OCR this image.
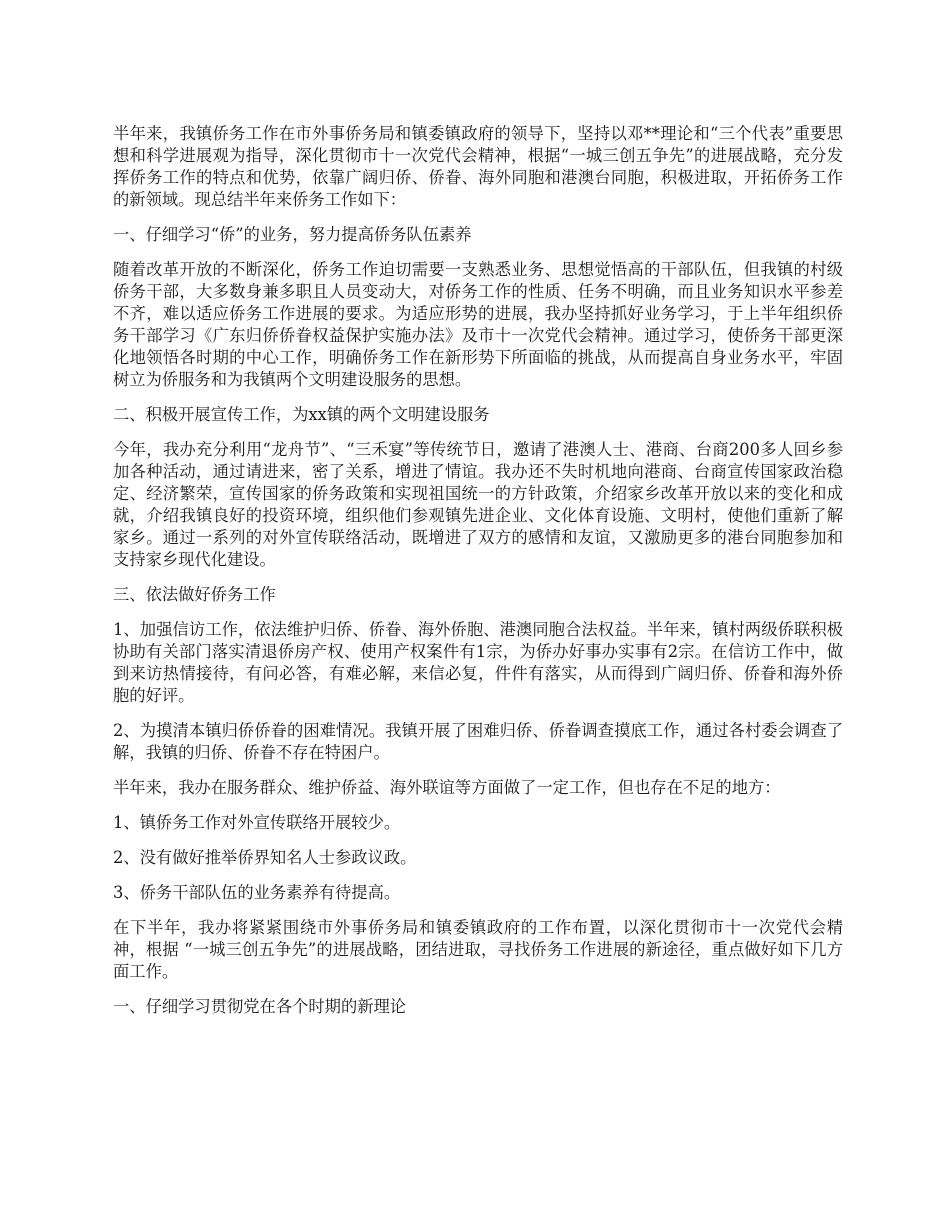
半年来，我镇侨务工作在市外事侨务局和镇委镇政府的领导下，坚持以邓**理论和“三个代表”重要思想和科学进展观为指导，深化贯彻市十一次党代会精神，根据“一城三创五争先”的进展战略，充分发挥侨务工作的特点和优势，依靠广阔归侨、侨眷、海外同胞和港澳台同胞，积极进取，开拓侨务工作的新领域。现总结半年来侨务工作如下：

一、仔细学习“侨”的业务，努力提高侨务队伍素养

随着改革开放的不断深化，侨务工作迫切需要一支熟悉业务、思想觉悟高的干部队伍，但我镇的村级侨务干部，大多数身兼多职且人员变动大，对侨务工作的性质、任务不明确，而且业务知识水平参差不齐，难以适应侨务工作进展的要求。为适应形势的进展，我办坚持抓好业务学习，于上半年组织侨务干部学习《广东归侨侨眷权益保护实施办法》及市十一次党代会精神。通过学习，使侨务干部更深化地领悟各时期的中心工作，明确侨务工作在新形势下所面临的挑战，从而提高自身业务水平，牢固树立为侨服务和为我镇两个文明建设服务的思想。

二、积极开展宣传工作，为xx镇的两个文明建设服务

今年，我办充分利用“龙舟节”、“三禾宴”等传统节日，邀请了港澳人士、港商、台商200多人回乡参加各种活动，通过请进来，密了关系，增进了情谊。我办还不失时机地向港商、台商宣传国家政治稳定、经济繁荣，宣传国家的侨务政策和实现祖国统一的方针政策，介绍家乡改革开放以来的变化和成就，介绍我镇良好的投资环境，组织他们参观镇先进企业、文化体育设施、文明村，使他们重新了解家乡。通过一系列的对外宣传联络活动，既增进了双方的感情和友谊，又激励更多的港台同胞参加和支持家乡现代化建设。

三、依法做好侨务工作

1、加强信访工作，依法维护归侨、侨眷、海外侨胞、港澳同胞合法权益。半年来，镇村两级侨联积极协助有关部门落实清退侨房产权、使用产权案件有1宗，为侨办好事办实事有2宗。在信访工作中，做到来访热情接待，有问必答，有难必解，来信必复，件件有落实，从而得到广阔归侨、侨眷和海外侨胞的好评。

2、为摸清本镇归侨侨眷的困难情况。我镇开展了困难归侨、侨眷调查摸底工作，通过各村委会调查了解，我镇的归侨、侨眷不存在特困户。

半年来，我办在服务群众、维护侨益、海外联谊等方面做了一定工作，但也存在不足的地方：

1、镇侨务工作对外宣传联络开展较少。

2、没有做好推举侨界知名人士参政议政。

3、侨务干部队伍的业务素养有待提高。

在下半年，我办将紧紧围绕市外事侨务局和镇委镇政府的工作布置，以深化贯彻市十一次党代会精神，根据 “一城三创五争先”的进展战略，团结进取，寻找侨务工作进展的新途径，重点做好如下几方面工作。

一、仔细学习贯彻党在各个时期的新理论
